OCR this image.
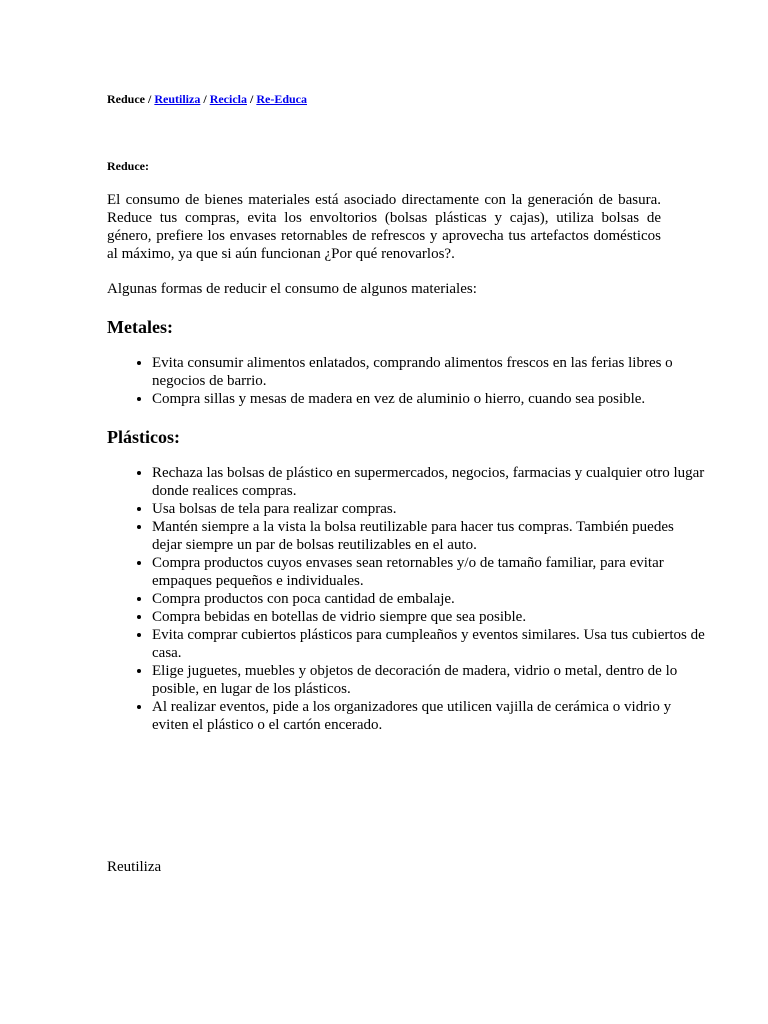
Reduce / Reutiliza / Recicla / Re-Educa
Reduce:

El consumo de bienes materiales está asociado directamente con la generación de basura. Reduce tus compras, evita los envoltorios (bolsas plásticas y cajas), utiliza bolsas de género, prefiere los envases retornables de refrescos y aprovecha tus artefactos domésticos al máximo, ya que si aún funcionan ¿Por qué renovarlos?.

Algunas formas de reducir el consumo de algunos materiales:

Metales:
• Evita consumir alimentos enlatados, comprando alimentos frescos en las ferias libres o negocios de barrio.
• Compra sillas y mesas de madera en vez de aluminio o hierro, cuando sea posible.
Plásticos:
• Rechaza las bolsas de plástico en supermercados, negocios, farmacias y cualquier otro lugar donde realices compras.
• Usa bolsas de tela para realizar compras.
• Mantén siempre a la vista la bolsa reutilizable para hacer tus compras. También puedes dejar siempre un par de bolsas reutilizables en el auto.
• Compra productos cuyos envases sean retornables y/o de tamaño familiar, para evitar empaques pequeños e individuales.
• Compra productos con poca cantidad de embalaje.
• Compra bebidas en botellas de vidrio siempre que sea posible.
• Evita comprar cubiertos plásticos para cumpleaños y eventos similares. Usa tus cubiertos de casa.
• Elige juguetes, muebles y objetos de decoración de madera, vidrio o metal, dentro de lo posible, en lugar de los plásticos.
• Al realizar eventos, pide a los organizadores que utilicen vajilla de cerámica o vidrio y eviten el plástico o el cartón encerado.
Reutiliza
